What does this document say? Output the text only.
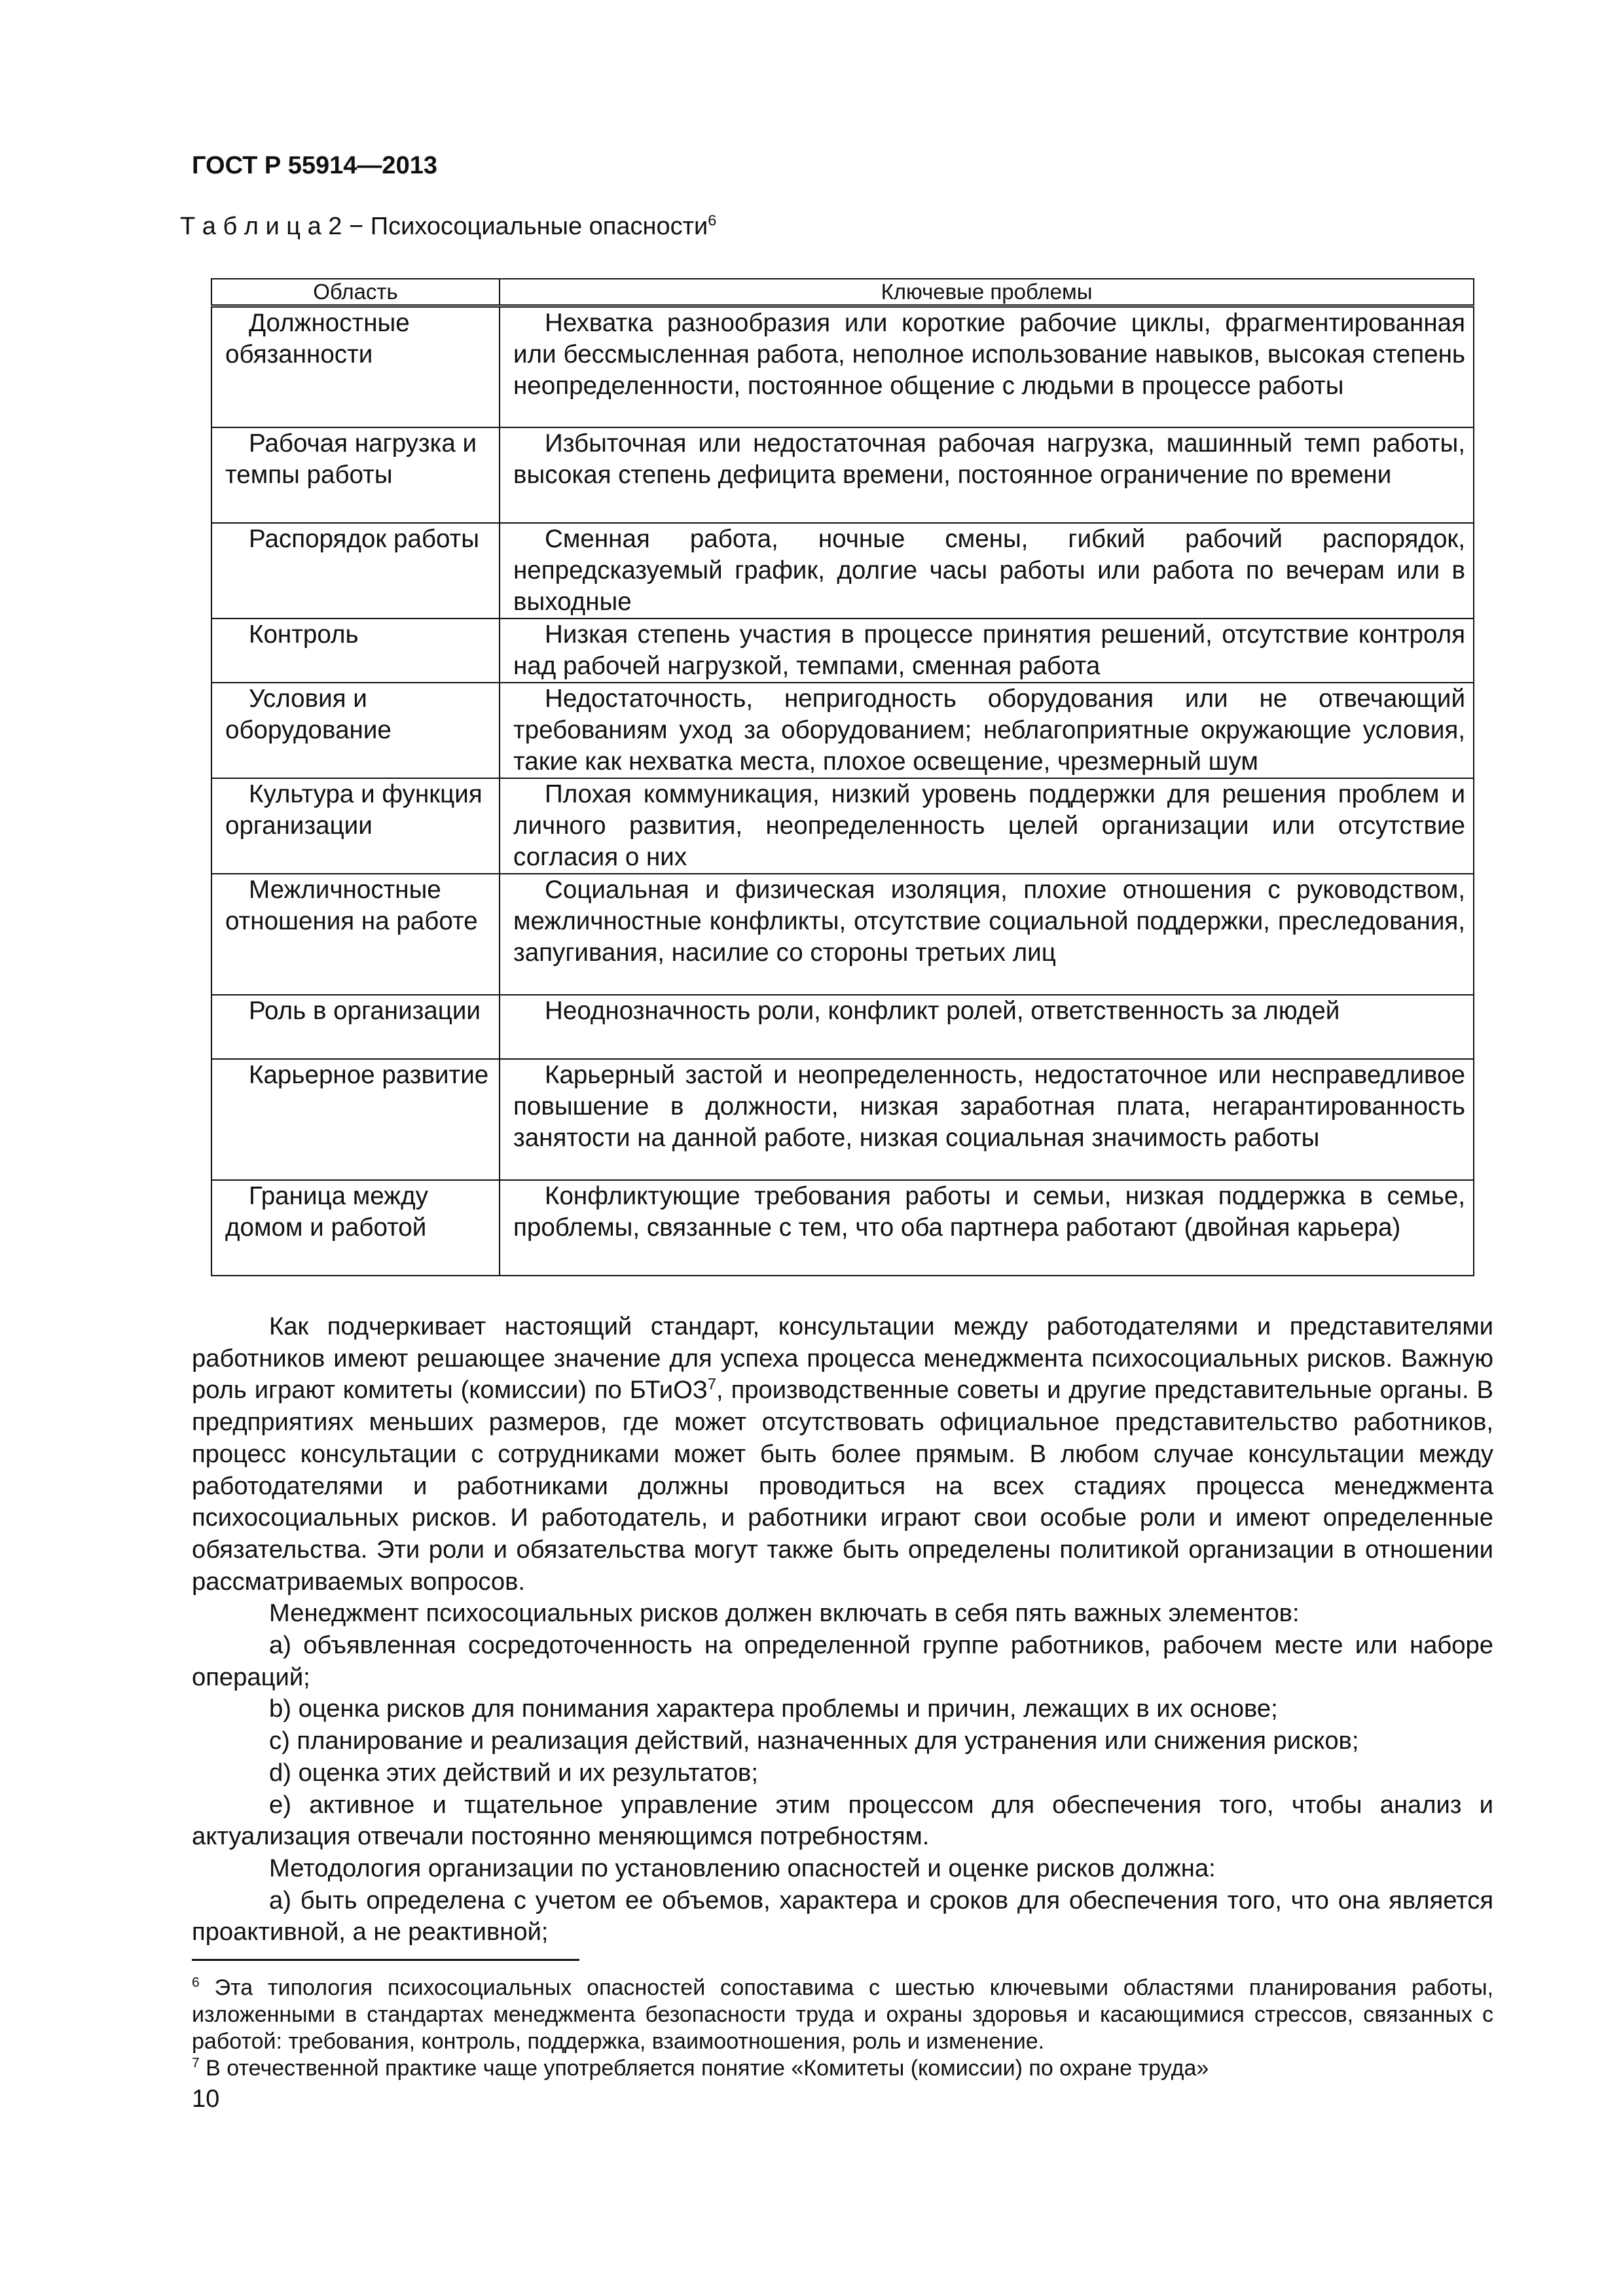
ГОСТ Р 55914—2013
Т а б л и ц а 2 − Психосоциальные опасности$^6$
Область	Ключевые проблемы
Должностные обязанности	Нехватка разнообразия или короткие рабочие циклы, фрагментированная или бессмысленная работа, неполное использование навыков, высокая степень неопределенности, постоянное общение с людьми в процессе работы
Рабочая нагрузка и темпы работы	Избыточная или недостаточная рабочая нагрузка, машинный темп работы, высокая степень дефицита времени, постоянное ограничение по времени
Распорядок работы	Сменная работа, ночные смены, гибкий рабочий распорядок, непредсказуемый график, долгие часы работы или работа по вечерам или в выходные
Контроль	Низкая степень участия в процессе принятия решений, отсутствие контроля над рабочей нагрузкой, темпами, сменная работа
Условия и оборудование	Недостаточность, непригодность оборудования или не отвечающий требованиям уход за оборудованием; неблагоприятные окружающие условия, такие как нехватка места, плохое освещение, чрезмерный шум
Культура и функция организации	Плохая коммуникация, низкий уровень поддержки для решения проблем и личного развития, неопределенность целей организации или отсутствие согласия о них
Межличностные отношения на работе	Социальная и физическая изоляция, плохие отношения с руководством, межличностные конфликты, отсутствие социальной поддержки, преследования, запугивания, насилие со стороны третьих лиц
Роль в организации	Неоднозначность роли, конфликт ролей, ответственность за людей
Карьерное развитие	Карьерный застой и неопределенность, недостаточное или несправедливое повышение в должности, низкая заработная плата, негарантированность занятости на данной работе, низкая социальная значимость работы
Граница между домом и работой	Конфликтующие требования работы и семьи, низкая поддержка в семье, проблемы, связанные с тем, что оба партнера работают (двойная карьера)

Как подчеркивает настоящий стандарт, консультации между работодателями и представителями работников имеют решающее значение для успеха процесса менеджмента психосоциальных рисков. Важную роль играют комитеты (комиссии) по БТиОЗ$^7$, производственные советы и другие представительные органы. В предприятиях меньших размеров, где может отсутствовать официальное представительство работников, процесс консультации с сотрудниками может быть более прямым. В любом случае консультации между работодателями и работниками должны проводиться на всех стадиях процесса менеджмента психосоциальных рисков. И работодатель, и работники играют свои особые роли и имеют определенные обязательства. Эти роли и обязательства могут также быть определены политикой организации в отношении рассматриваемых вопросов.

Менеджмент психосоциальных рисков должен включать в себя пять важных элементов:

а) объявленная сосредоточенность на определенной группе работников, рабочем месте или наборе операций;

b) оценка рисков для понимания характера проблемы и причин, лежащих в их основе;

c) планирование и реализация действий, назначенных для устранения или снижения рисков;

d) оценка этих действий и их результатов;

e) активное и тщательное управление этим процессом для обеспечения того, чтобы анализ и актуализация отвечали постоянно меняющимся потребностям.

Методология организации по установлению опасностей и оценке рисков должна:

а) быть определена с учетом ее объемов, характера и сроков для обеспечения того, что она является проактивной, а не реактивной;

$^6$ Эта типология психосоциальных опасностей сопоставима с шестью ключевыми областями планирования работы, изложенными в стандартах менеджмента безопасности труда и охраны здоровья и касающимися стрессов, связанных с работой: требования, контроль, поддержка, взаимоотношения, роль и изменение.

$^7$ В отечественной практике чаще употребляется понятие «Комитеты (комиссии) по охране труда»

10
